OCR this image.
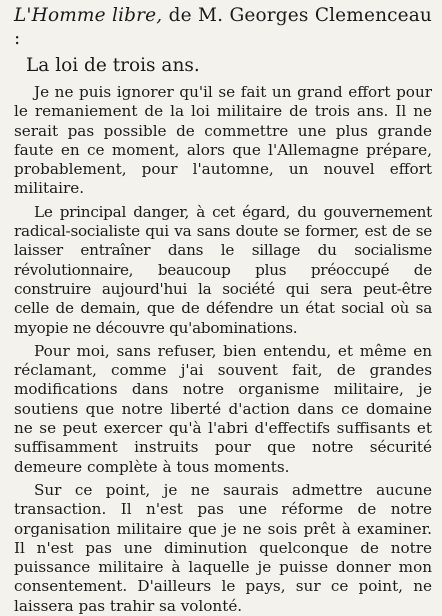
L'Homme libre, de M. Georges Clemenceau :
La loi de trois ans.

Je ne puis ignorer qu'il se fait un grand effort pour le remaniement de la loi militaire de trois ans. Il ne serait pas possible de commettre une plus grande faute en ce moment, alors que l'Allemagne prépare, probablement, pour l'automne, un nouvel effort militaire.

Le principal danger, à cet égard, du gouvernement radical-socialiste qui va sans doute se former, est de se laisser entraîner dans le sillage du socialisme révolutionnaire, beaucoup plus préoccupé de construire aujourd'hui la société qui sera peut-être celle de demain, que de défendre un état social où sa myopie ne découvre qu'abominations.

Pour moi, sans refuser, bien entendu, et même en réclamant, comme j'ai souvent fait, de grandes modifications dans notre organisme militaire, je soutiens que notre liberté d'action dans ce domaine ne se peut exercer qu'à l'abri d'effectifs suffisants et suffisamment instruits pour que notre sécurité demeure complète à tous moments.

Sur ce point, je ne saurais admettre aucune transaction. Il n'est pas une réforme de notre organisation militaire que je ne sois prêt à examiner. Il n'est pas une diminution quelconque de notre puissance militaire à laquelle je puisse donner mon consentement. D'ailleurs le pays, sur ce point, ne laissera pas trahir sa volonté.
